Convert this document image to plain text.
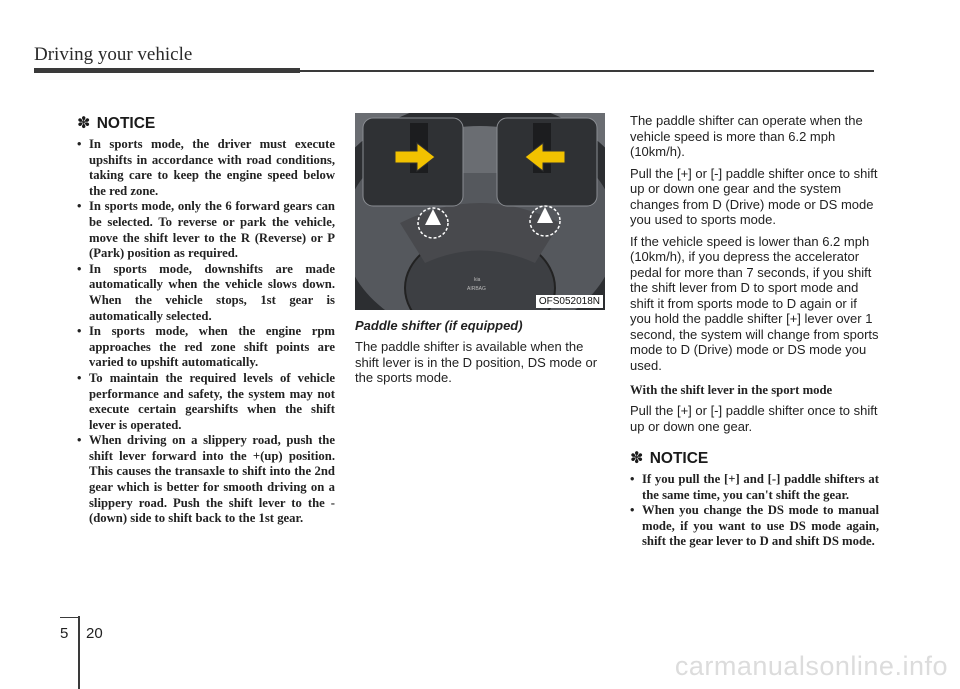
Driving your vehicle
✽ NOTICE
• In sports mode, the driver must execute upshifts in accordance with road conditions, taking care to keep the engine speed below the red zone.
• In sports mode, only the 6 forward gears can be selected. To reverse or park the vehicle, move the shift lever to the R (Reverse) or P (Park) position as required.
• In sports mode, downshifts are made automatically when the vehicle slows down. When the vehicle stops, 1st gear is automatically selected.
• In sports mode, when the engine rpm approaches the red zone shift points are varied to upshift automatically.
• To maintain the required levels of vehicle performance and safety, the system may not execute certain gearshifts when the shift lever is operated.
• When driving on a slippery road, push the shift lever forward into the +(up) position. This causes the transaxle to shift into the 2nd gear which is better for smooth driving on a slippery road. Push the shift lever to the -(down) side to shift back to the 1st gear.
kia
AIRBAG
OFS052018N
Paddle shifter (if equipped)

The paddle shifter is available when the shift lever is in the D position, DS mode or the sports mode.

The paddle shifter can operate when the vehicle speed is more than 6.2 mph (10km/h).

Pull the [+] or [-] paddle shifter once to shift up or down one gear and the system changes from D (Drive) mode or DS mode you used to sports mode.

If the vehicle speed is lower than 6.2 mph (10km/h), if you depress the accelerator pedal for more than 7 seconds, if you shift the shift lever from D to sport mode and shift it from sports mode to D again or if you hold the paddle shifter [+] lever over 1 second, the system will change from sports mode to D (Drive) mode or DS mode you used.

With the shift lever in the sport mode

Pull the [+] or [-] paddle shifter once to shift up or down one gear.

✽ NOTICE
• If you pull the [+] and [-] paddle shifters at the same time, you can't shift the gear.
• When you change the DS mode to manual mode, if you want to use DS mode again, shift the gear lever to D and shift DS mode.
5 20
carmanualsonline.info
